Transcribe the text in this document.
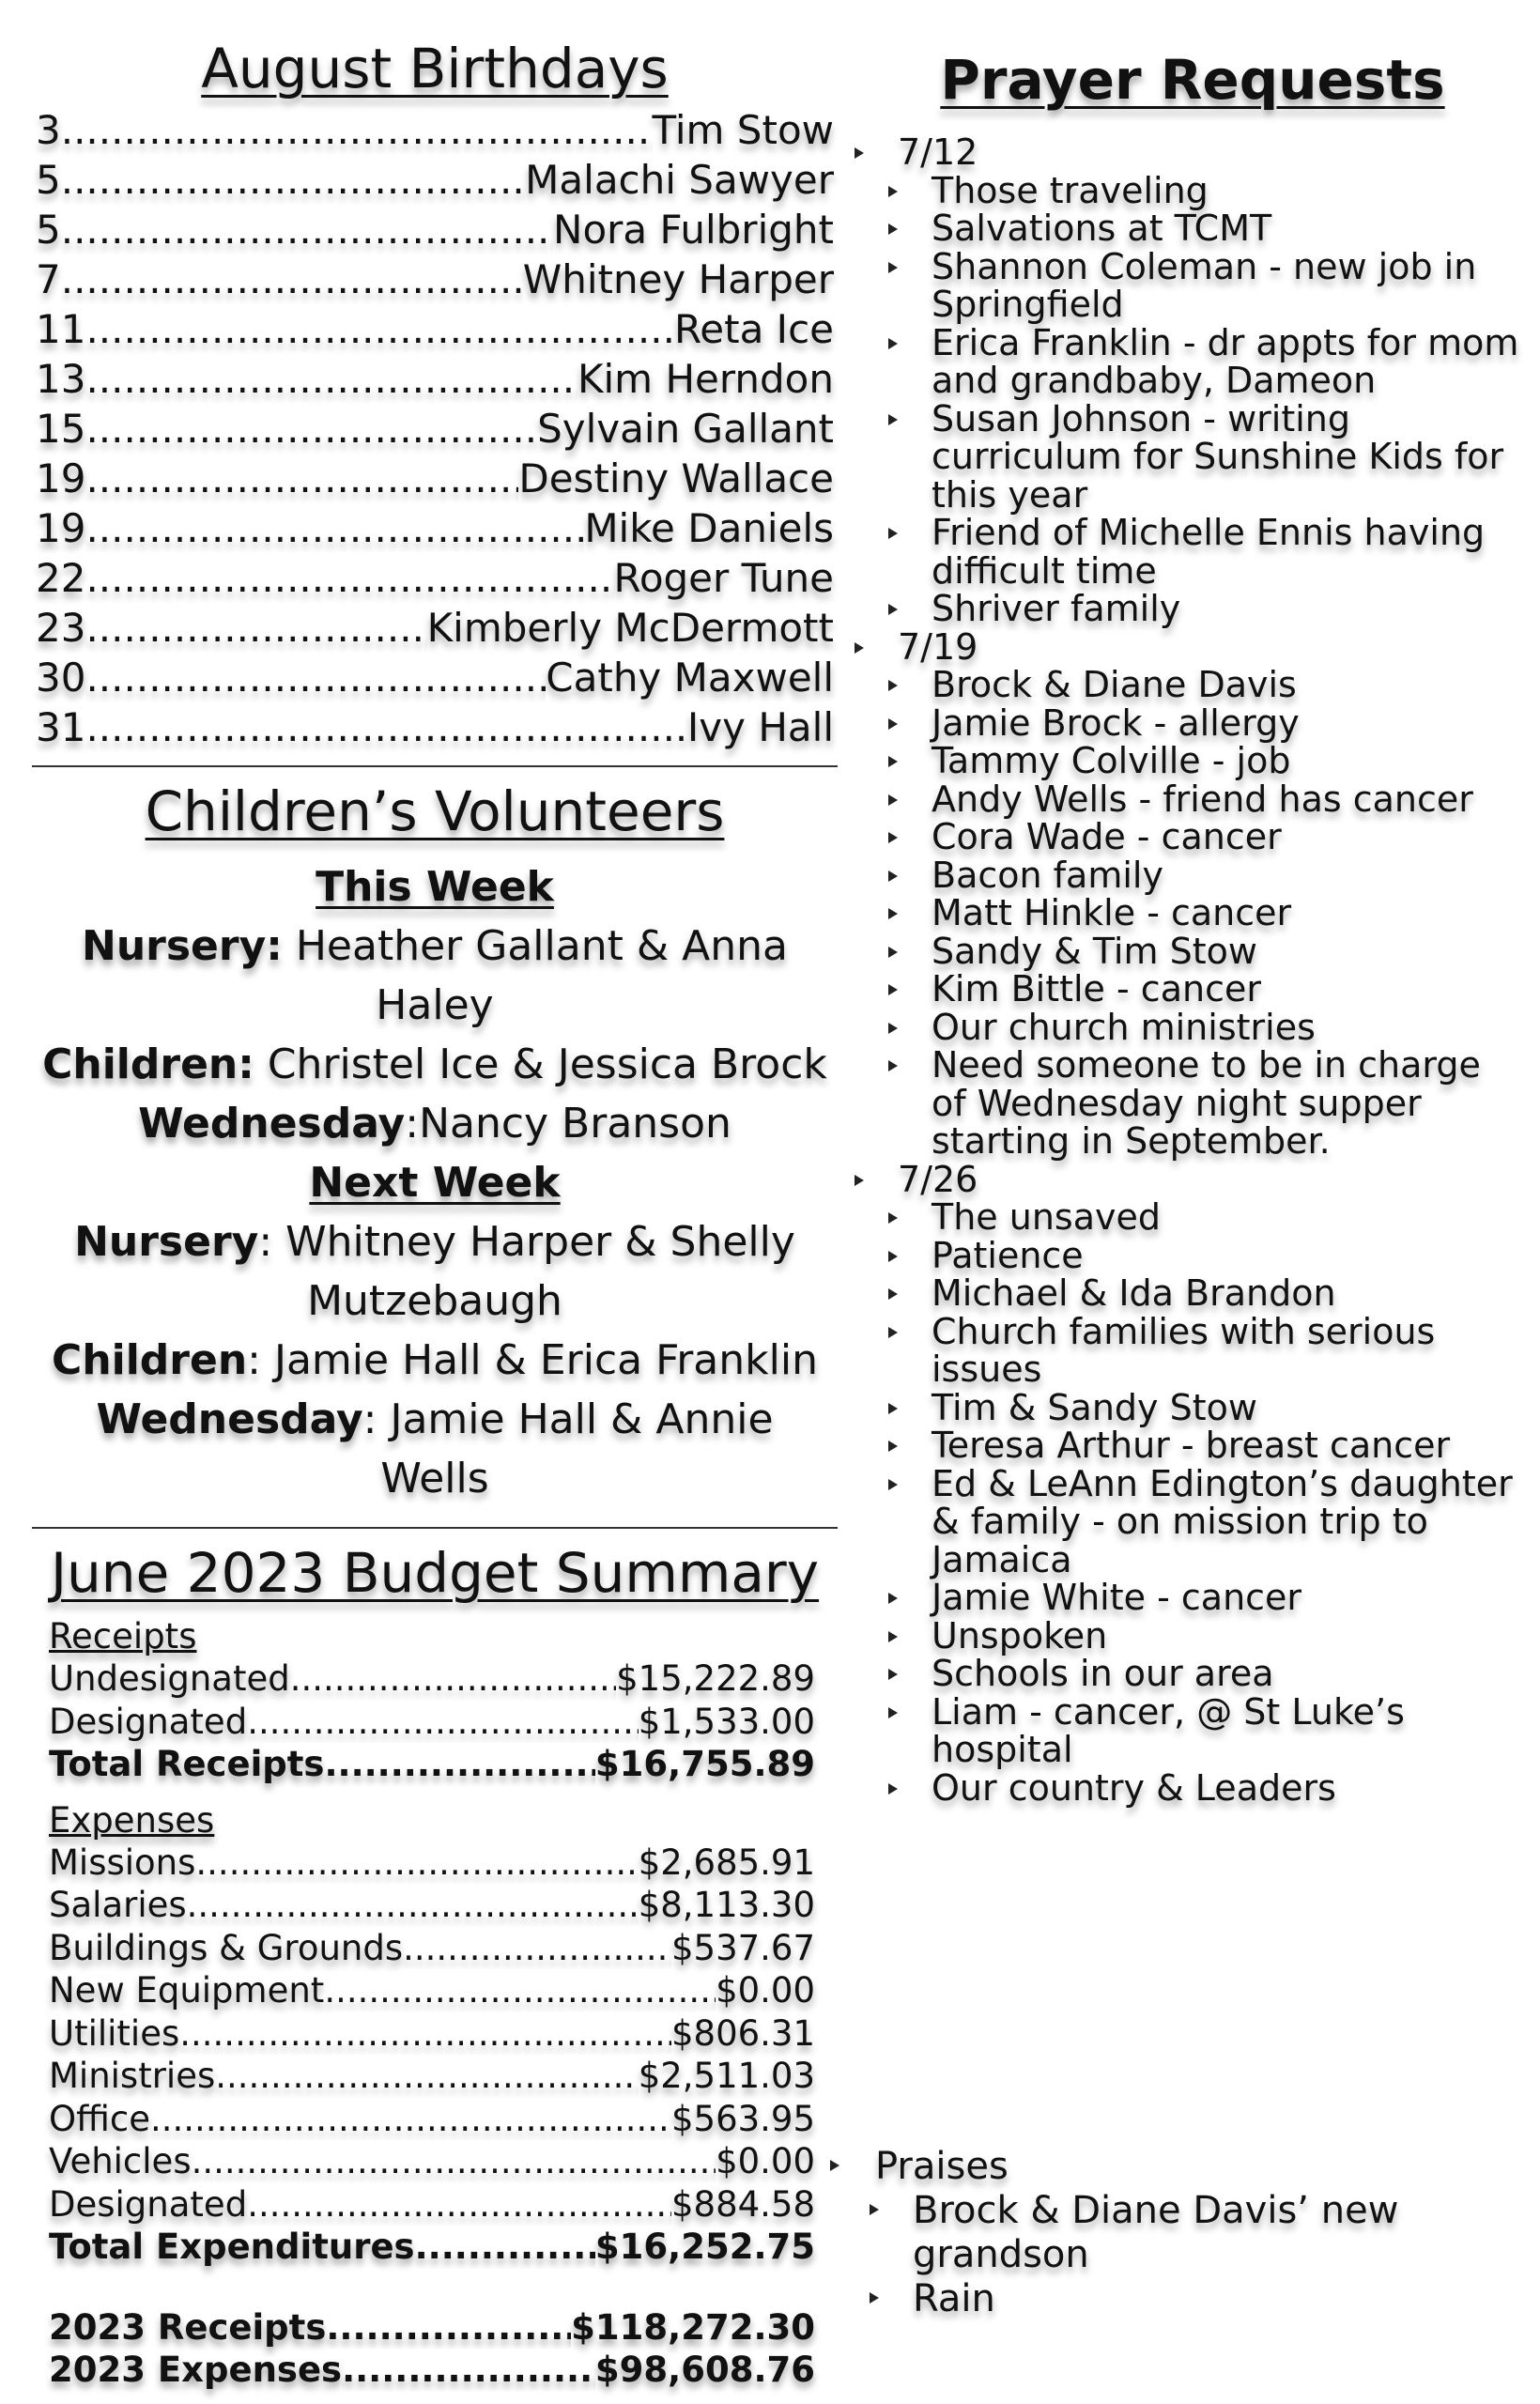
August Birthdays
3 .....	Tim Stow
5 .....	Malachi Sawyer
5 .....	Nora Fulbright
7 .....	Whitney Harper
11 .....	Reta Ice
13 .....	Kim Herndon
15 .....	Sylvain Gallant
19 .....	Destiny Wallace
19 .....	Mike Daniels
22 .....	Roger Tune
23 .....	Kimberly McDermott
30 .....	Cathy Maxwell
31 .....	Ivy Hall
Children’s Volunteers
This Week
Nursery: Heather Gallant & Anna Haley
Children: Christel Ice & Jessica Brock
Wednesday:Nancy Branson
Next Week
Nursery: Whitney Harper & Shelly Mutzebaugh
Children: Jamie Hall & Erica Franklin
Wednesday: Jamie Hall & Annie Wells
June 2023 Budget Summary
Receipts
Undesignated .....	$15,222.89
Designated .....	$1,533.00
Total Receipts .....	$16,755.89
Expenses
Missions .....	$2,685.91
Salaries .....	$8,113.30
Buildings & Grounds .....	$537.67
New Equipment .....	$0.00
Utilities .....	$806.31
Ministries .....	$2,511.03
Office .....	$563.95
Vehicles .....	$0.00
Designated .....	$884.58
Total Expenditures .....	$16,252.75
2023 Receipts .....	$118,272.30
2023 Expenses .....	$98,608.76
Prayer Requests
7/12
Those traveling
Salvations at TCMT
Shannon Coleman - new job in Springfield
Erica Franklin - dr appts for mom and grandbaby, Dameon
Susan Johnson - writing curriculum for Sunshine Kids for this year
Friend of Michelle Ennis having difficult time
Shriver family
7/19
Brock & Diane Davis
Jamie Brock - allergy
Tammy Colville - job
Andy Wells - friend has cancer
Cora Wade - cancer
Bacon family
Matt Hinkle - cancer
Sandy & Tim Stow
Kim Bittle - cancer
Our church ministries
Need someone to be in charge of Wednesday night supper starting in September.
7/26
The unsaved
Patience
Michael & Ida Brandon
Church families with serious issues
Tim & Sandy Stow
Teresa Arthur - breast cancer
Ed & LeAnn Edington’s daughter & family - on mission trip to Jamaica
Jamie White - cancer
Unspoken
Schools in our area
Liam - cancer, @ St Luke’s hospital
Our country & Leaders
Praises
Brock & Diane Davis’ new grandson
Rain
